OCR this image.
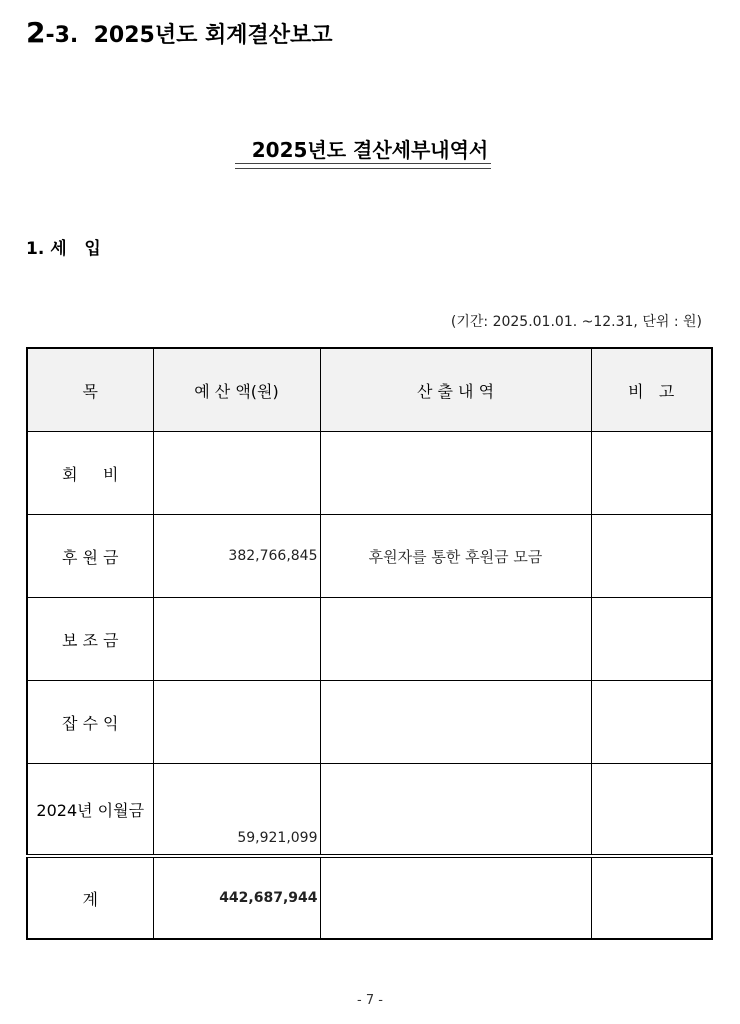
2-3. 2025년도 회계결산보고
2025년도 결산세부내역서
1. 세   입
(기간: 2025.01.01. ~12.31, 단위 : 원)
목	예 산 액(원)	산 출 내 역	비   고
회     비			
후 원 금	382,766,845	후원자를 통한 후원금 모금	
보 조 금			
잡 수 익			
2024년 이월금	59,921,099		
계	442,687,944		
- 7 -
